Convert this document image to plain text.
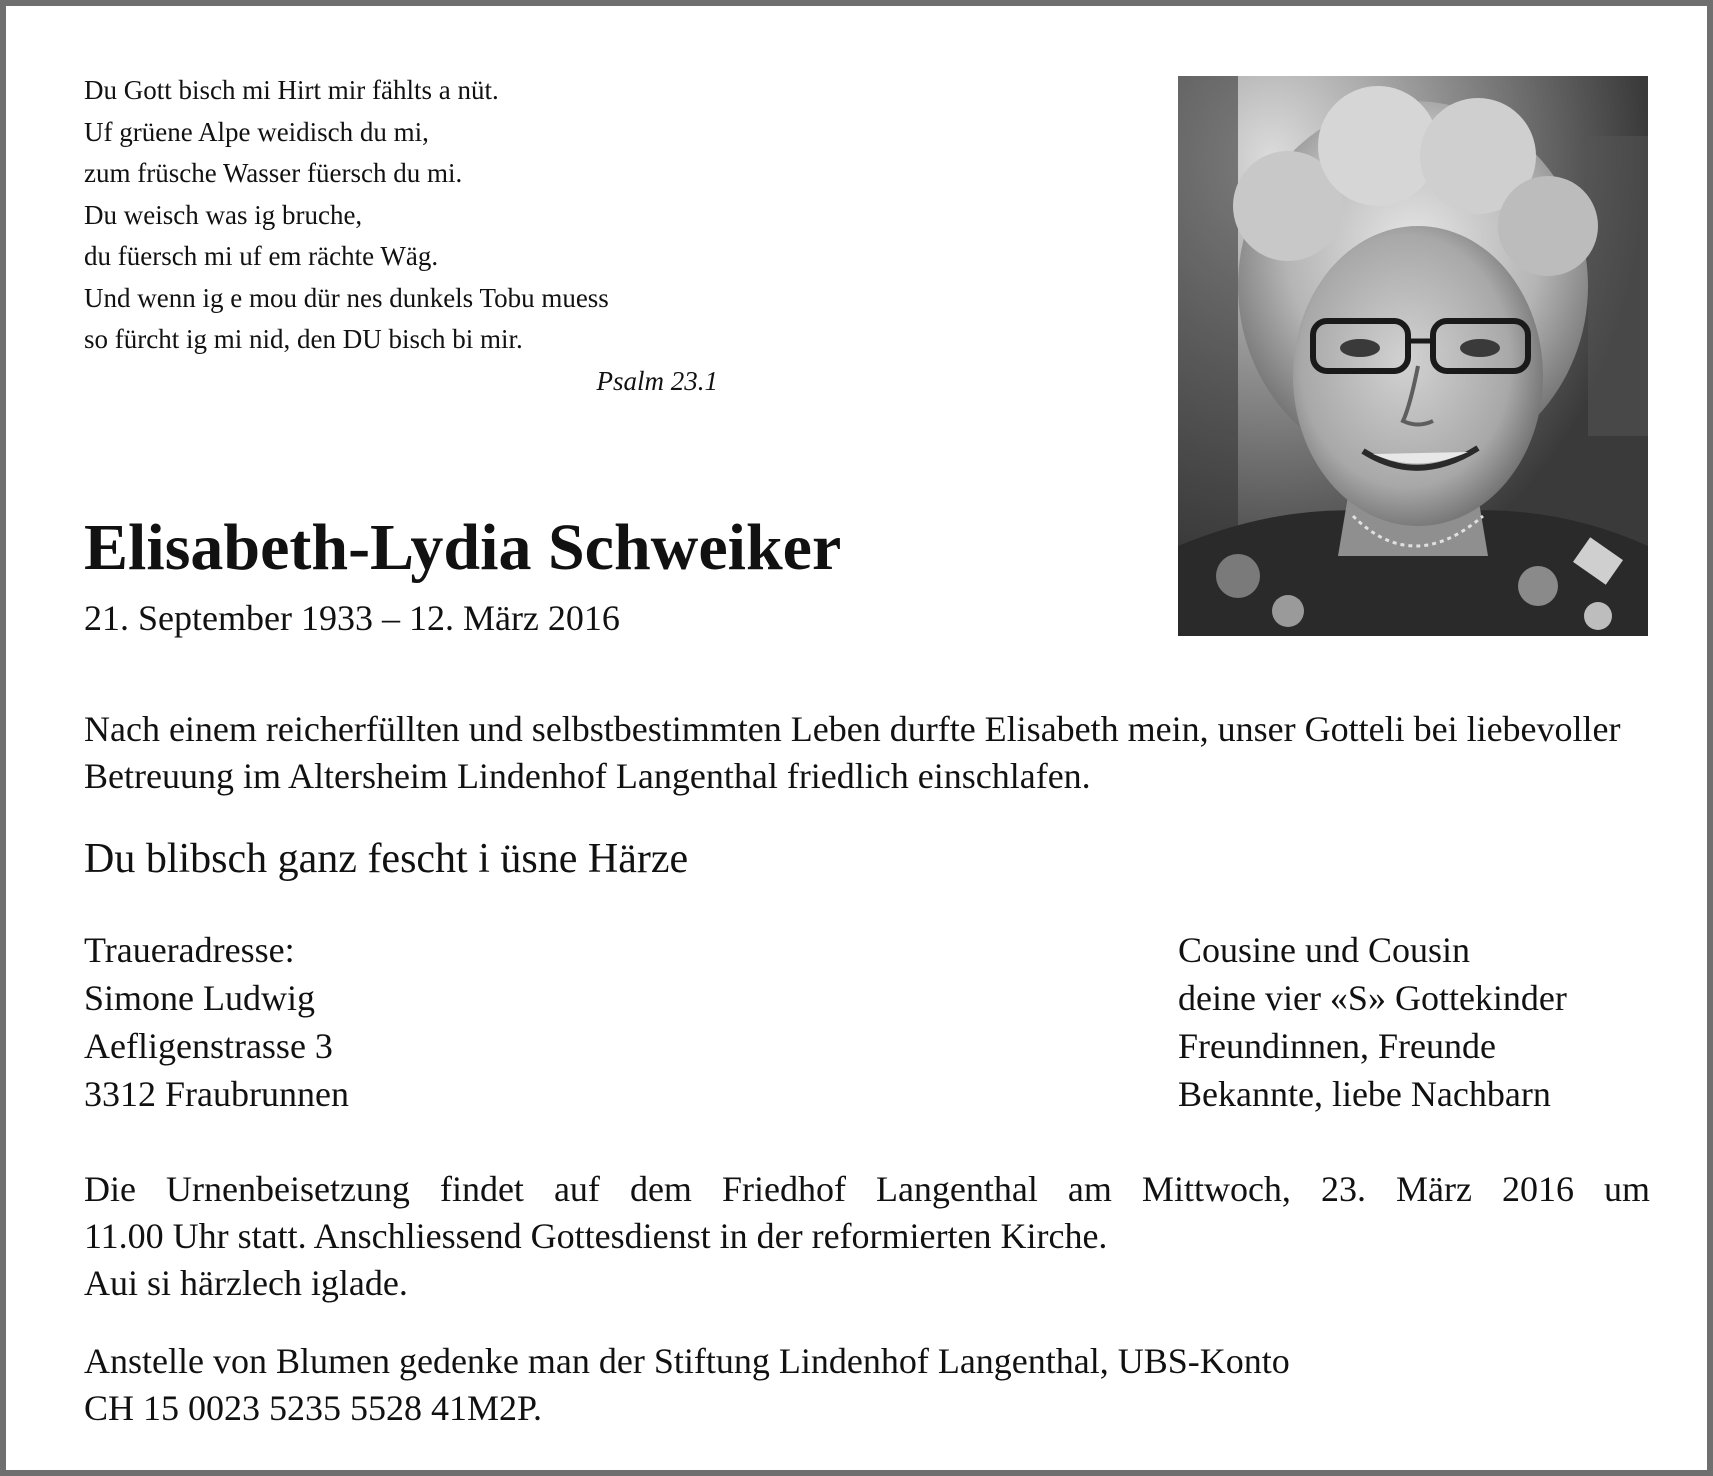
Du Gott bisch mi Hirt mir fählts a nüt.
Uf grüene Alpe weidisch du mi,
zum früsche Wasser füersch du mi.
Du weisch was ig bruche,
du füersch mi uf em rächte Wäg.
Und wenn ig e mou dür nes dunkels Tobu muess
so fürcht ig mi nid, den DU bisch bi mir.
Psalm 23.1
Elisabeth-Lydia Schweiker
21. September 1933 – 12. März 2016
Nach einem reicherfüllten und selbstbestimmten Leben durfte Elisabeth mein, unser Gotteli bei liebevoller Betreuung im Altersheim Lindenhof Langenthal friedlich einschlafen.
Du blibsch ganz fescht i üsne Härze
Traueradresse:
Simone Ludwig
Aefligenstrasse 3
3312 Fraubrunnen
Cousine und Cousin
deine vier «S» Gottekinder
Freundinnen, Freunde
Bekannte, liebe Nachbarn
Die Urnenbeisetzung findet auf dem Friedhof Langenthal am Mittwoch, 23. März 2016 um
11.00 Uhr statt. Anschliessend Gottesdienst in der reformierten Kirche.
Aui si härzlech iglade.
Anstelle von Blumen gedenke man der Stiftung Lindenhof Langenthal, UBS-Konto
CH 15 0023 5235 5528 41M2P.
